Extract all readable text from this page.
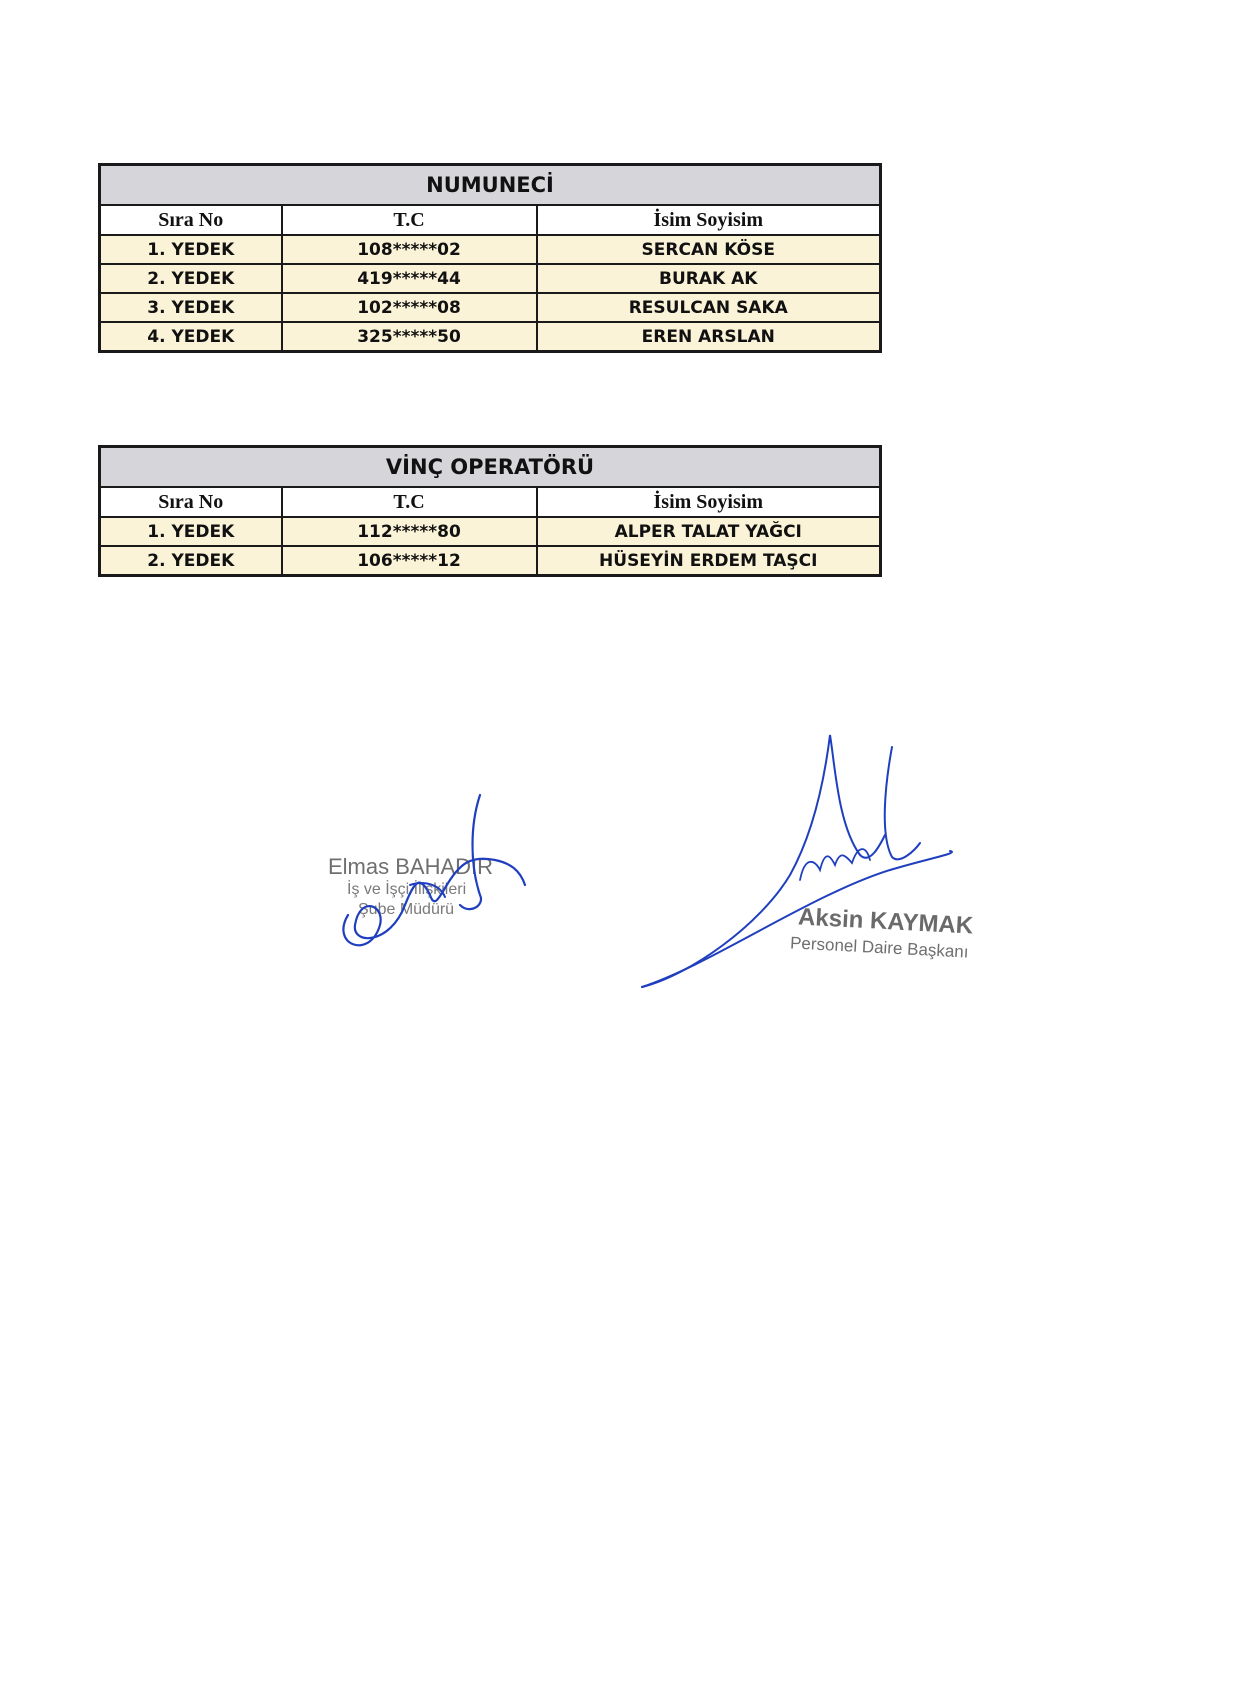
NUMUNECİ		
Sıra No	T.C	İsim Soyisim
1. YEDEK	108*****02	SERCAN KÖSE
2. YEDEK	419*****44	BURAK AK
3. YEDEK	102*****08	RESULCAN SAKA
4. YEDEK	325*****50	EREN ARSLAN
VİNÇ OPERATÖRÜ		
Sıra No	T.C	İsim Soyisim
1. YEDEK	112*****80	ALPER TALAT YAĞCI
2. YEDEK	106*****12	HÜSEYİN ERDEM TAŞCI
Elmas BAHADIR
İş ve İşçi İlişkileri
Şube Müdürü	Aksin KAYMAK
Personel Daire Başkanı
